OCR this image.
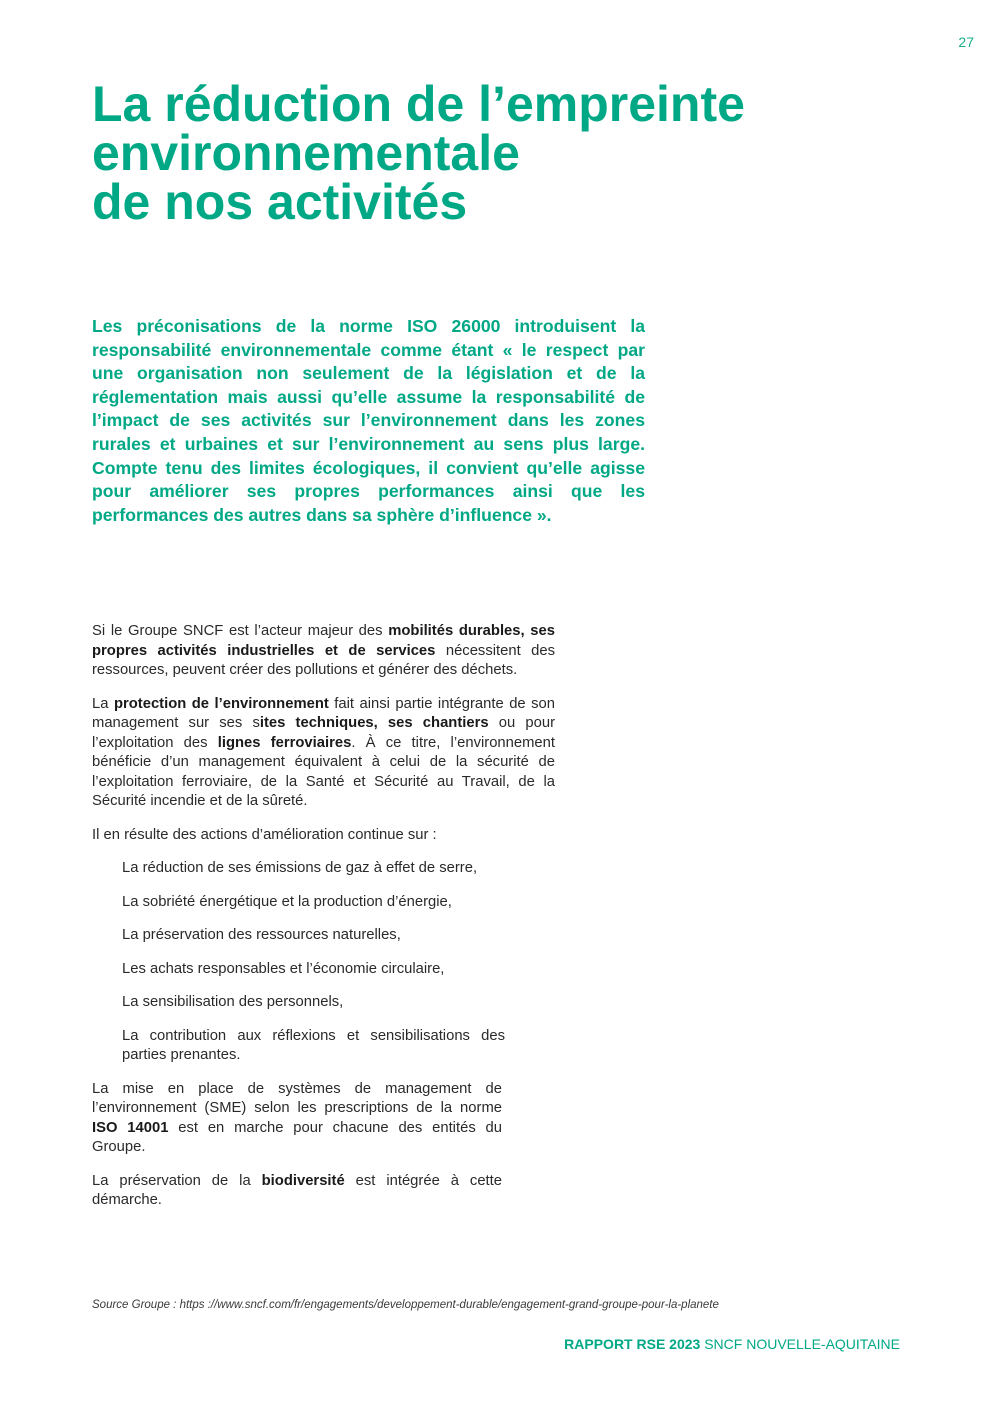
27
La réduction de l’empreinte
environnementale
de nos activités

Les préconisations de la norme ISO 26000 introduisent la responsabilité environnementale comme étant « le respect par une organisation non seulement de la législation et de la réglementation mais aussi qu’elle assume la responsabilité de l’impact de ses activités sur l’environnement dans les zones rurales et urbaines et sur l’environnement au sens plus large. Compte tenu des limites écologiques, il convient qu’elle agisse pour améliorer ses propres performances ainsi que les performances des autres dans sa sphère d’influence ».

Si le Groupe SNCF est l’acteur majeur des mobilités durables, ses propres activités industrielles et de services nécessitent des ressources, peuvent créer des pollutions et générer des déchets.

La protection de l’environnement fait ainsi partie intégrante de son management sur ses sites techniques, ses chantiers ou pour l’exploitation des lignes ferroviaires. À ce titre, l’environnement bénéficie d’un management équivalent à celui de la sécurité de l’exploitation ferroviaire, de la Santé et Sécurité au Travail, de la Sécurité incendie et de la sûreté.

Il en résulte des actions d’amélioration continue sur :

La réduction de ses émissions de gaz à effet de serre,
La sobriété énergétique et la production d’énergie,
La préservation des ressources naturelles,
Les achats responsables et l’économie circulaire,
La sensibilisation des personnels,
La contribution aux réflexions et sensibilisations des parties prenantes.

La mise en place de systèmes de management de l’environnement (SME) selon les prescriptions de la norme ISO 14001 est en marche pour chacune des entités du Groupe.

La préservation de la biodiversité est intégrée à cette démarche.

Source Groupe : https ://www.sncf.com/fr/engagements/developpement-durable/engagement-grand-groupe-pour-la-planete
RAPPORT RSE 2023 SNCF NOUVELLE-AQUITAINE
